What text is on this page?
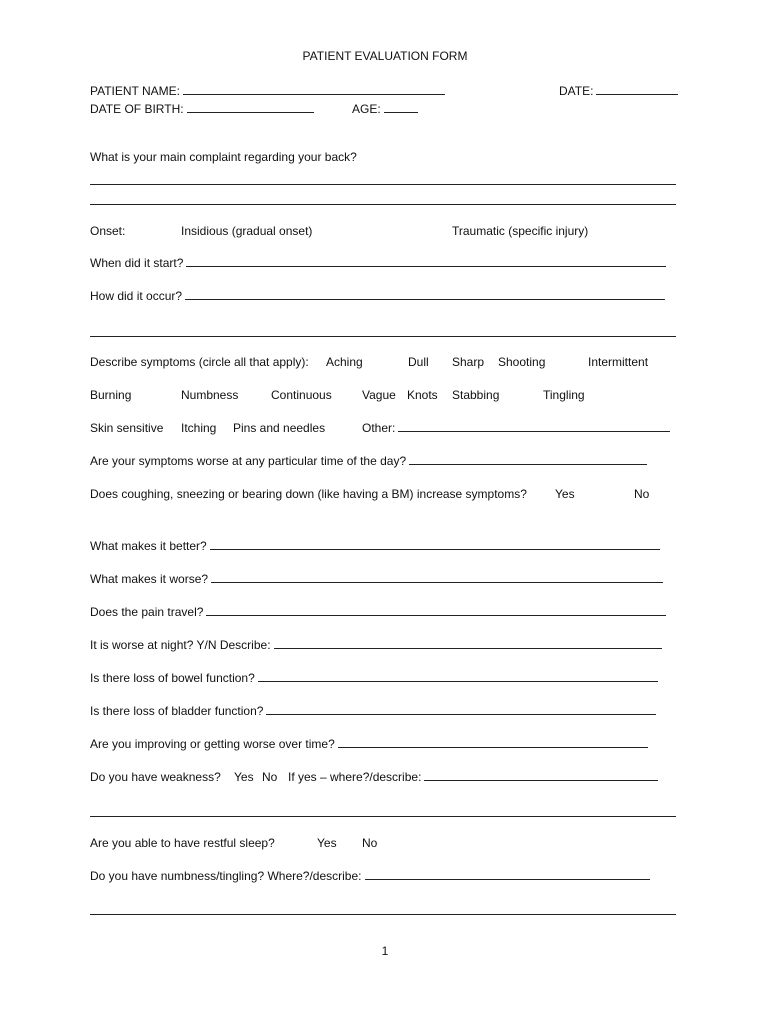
PATIENT EVALUATION FORM
PATIENT NAME:	DATE:
DATE OF BIRTH:	AGE:
What is your main complaint regarding your back?
Onset:	Insidious (gradual onset)	Traumatic (specific injury)
When did it start?
How did it occur?
Describe symptoms (circle all that apply): Aching	Dull Sharp Shooting	Intermittent
Burning	Numbness	Continuous	Vague Knots Stabbing	Tingling
Skin sensitive Itching Pins and needles	Other:
Are your symptoms worse at any particular time of the day?
Does coughing, sneezing or bearing down (like having a BM) increase symptoms? Yes	No
What makes it better?
What makes it worse?
Does the pain travel?
It is worse at night? Y/N Describe:
Is there loss of bowel function?
Is there loss of bladder function?
Are you improving or getting worse over time?
Do you have weakness? Yes No If yes – where?/describe:
Are you able to have restful sleep?	Yes No
Do you have numbness/tingling? Where?/describe:
1
